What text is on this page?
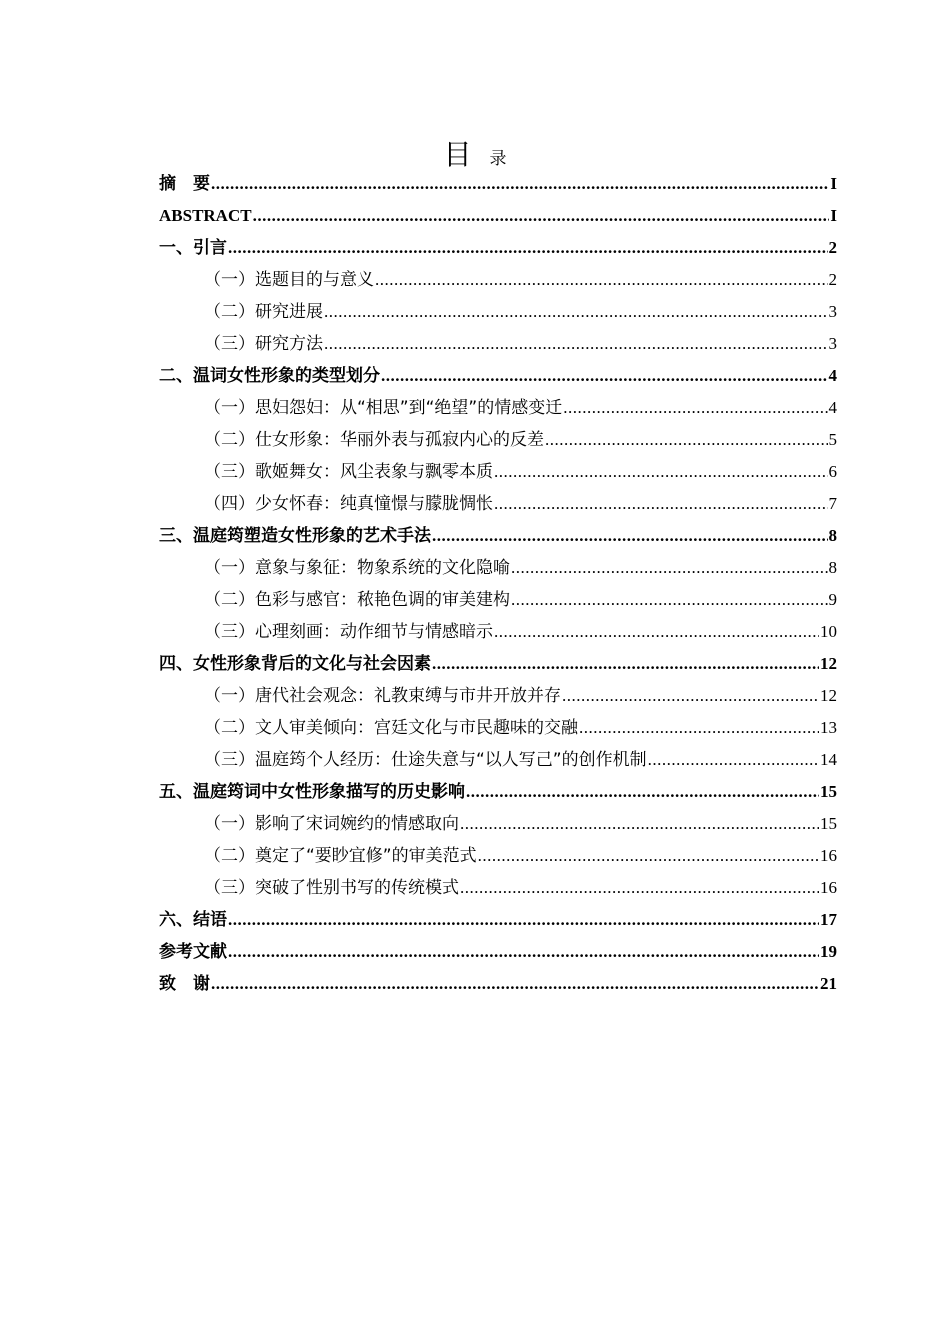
目 录
摘　要 .....	I
ABSTRACT .....	I
一、引言 .....	2
（一）选题目的与意义 .....	2
（二）研究进展 .....	3
（三）研究方法 .....	3
二、温词女性形象的类型划分 .....	4
（一）思妇怨妇：从“相思”到“绝望”的情感变迁 .....	4
（二）仕女形象：华丽外表与孤寂内心的反差 .....	5
（三）歌姬舞女：风尘表象与飘零本质 .....	6
（四）少女怀春：纯真憧憬与朦胧惆怅 .....	7
三、温庭筠塑造女性形象的艺术手法 .....	8
（一）意象与象征：物象系统的文化隐喻 .....	8
（二）色彩与感官：秾艳色调的审美建构 .....	9
（三）心理刻画：动作细节与情感暗示 .....	10
四、女性形象背后的文化与社会因素 .....	12
（一）唐代社会观念：礼教束缚与市井开放并存 .....	12
（二）文人审美倾向：宫廷文化与市民趣味的交融 .....	13
（三）温庭筠个人经历：仕途失意与“以人写己”的创作机制 .....	14
五、温庭筠词中女性形象描写的历史影响 .....	15
（一）影响了宋词婉约的情感取向 .....	15
（二）奠定了“要眇宜修”的审美范式 .....	16
（三）突破了性别书写的传统模式 .....	16
六、结语 .....	17
参考文献 .....	19
致　谢 .....	21
